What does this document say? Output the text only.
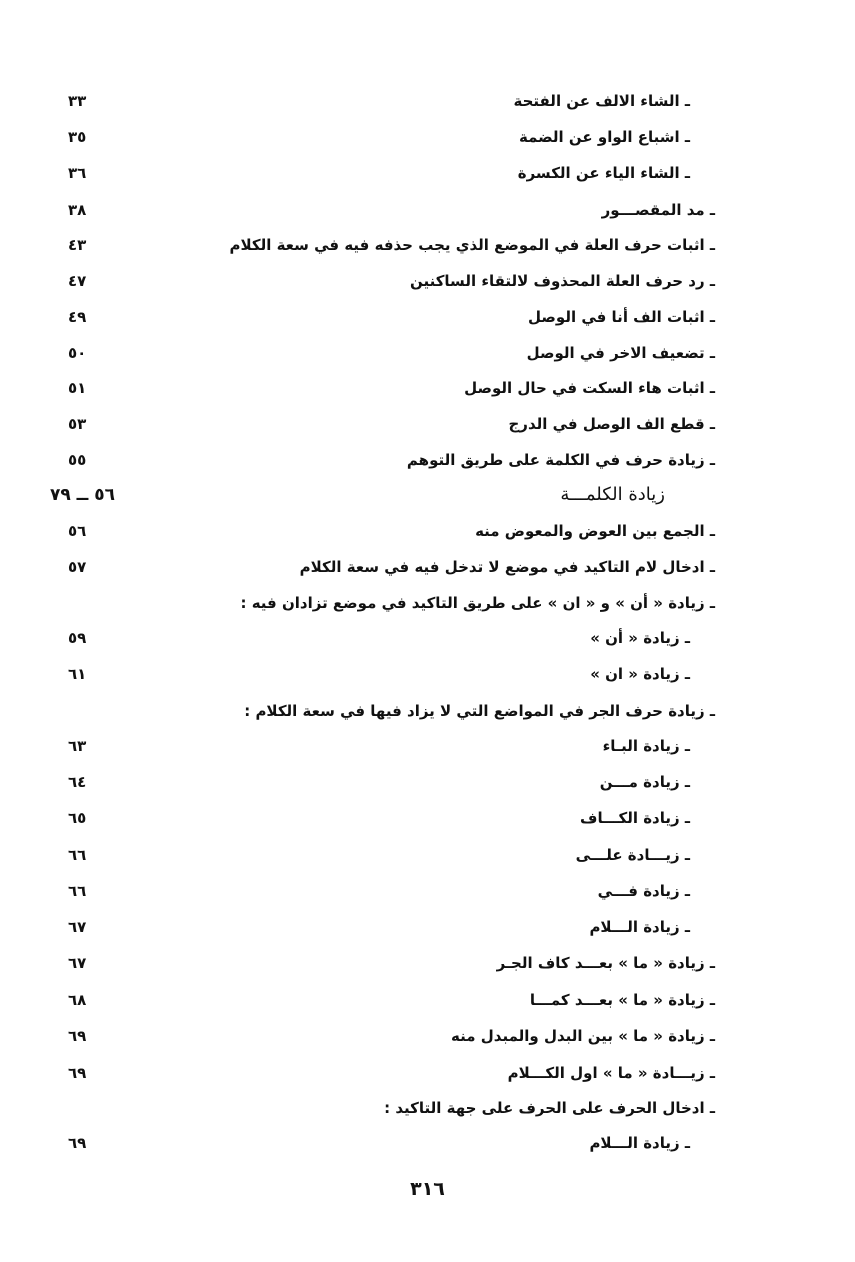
ـ الشاء الالف عن الفتحة
٣٣
ـ اشباع الواو عن الضمة
٣٥
ـ الشاء الياء عن الكسرة
٣٦
ـ مد المقصـــور
٣٨
ـ اثبات حرف العلة في الموضع الذي يجب حذفه فيه في سعة الكلام
٤٣
ـ رد حرف العلة المحذوف لالتقاء الساكنين
٤٧
ـ اثبات الف أنا في الوصل
٤٩
ـ تضعيف الاخر في الوصل
٥٠
ـ اثبات هاء السكت في حال الوصل
٥١
ـ قطع الف الوصل في الدرج
٥٣
ـ زيادة حرف في الكلمة على طريق التوهم
٥٥
زيادة الكلمـــة
٥٦ ــ ٧٩
ـ الجمع بين العوض والمعوض منه
٥٦
ـ ادخال لام التاكيد في موضع لا تدخل فيه في سعة الكلام
٥٧
ـ زيادة « أن » و « ان » على طريق التاكيد في موضع تزادان فيه :
ـ زيادة « أن »
٥٩
ـ زيادة « ان »
٦١
ـ زيادة حرف الجر في المواضع التي لا يزاد فيها في سعة الكلام :
ـ زيادة البـاء
٦٣
ـ زيادة مـــن
٦٤
ـ زيادة الكـــاف
٦٥
ـ زيـــادة علـــى
٦٦
ـ زيادة فـــي
٦٦
ـ زيادة الـــلام
٦٧
ـ زيادة « ما » بعـــد كاف الجـر
٦٧
ـ زيادة « ما » بعـــد كمـــا
٦٨
ـ زيادة « ما » بين البدل والمبدل منه
٦٩
ـ زيـــادة « ما » اول الكـــلام
٦٩
ـ ادخال الحرف على الحرف على جهة التاكيد :
ـ زيادة الـــلام
٦٩
٣١٦
